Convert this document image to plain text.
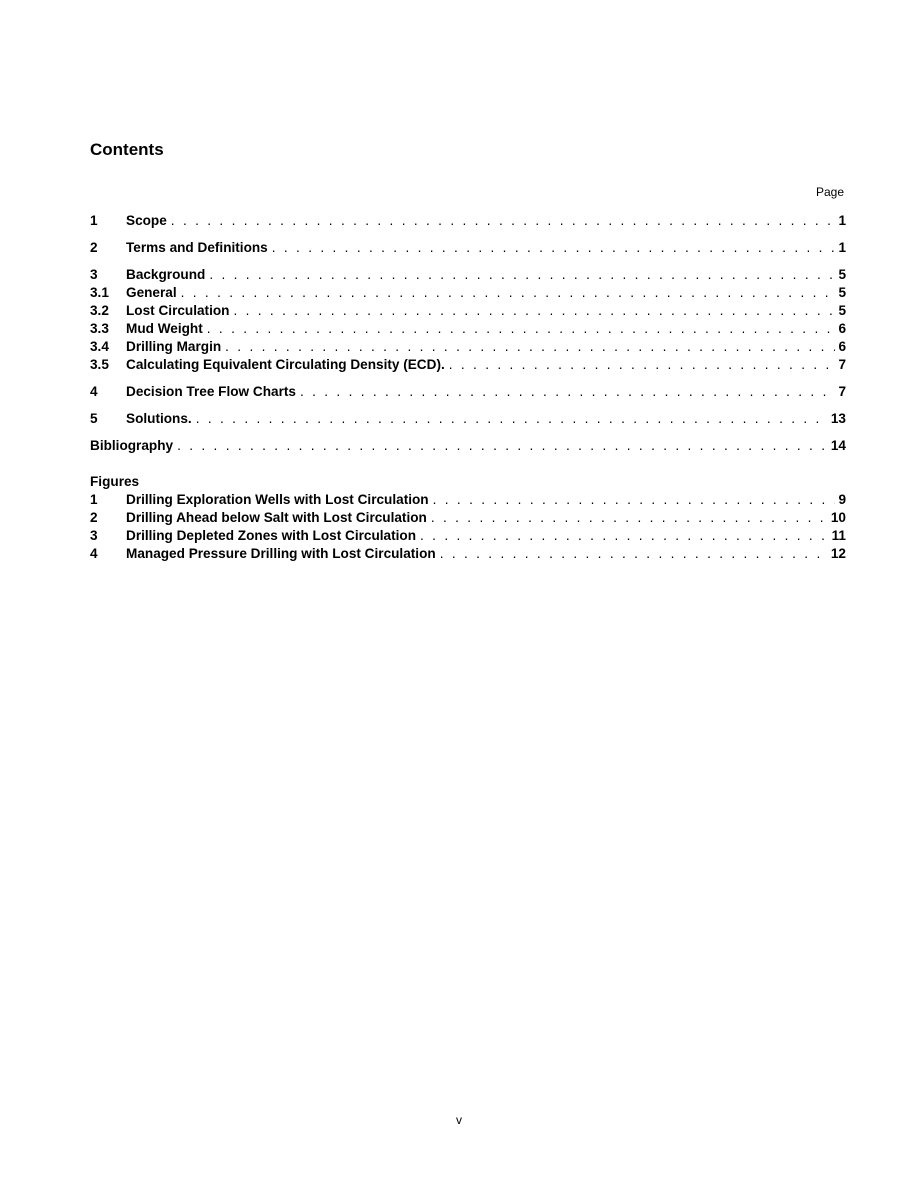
Contents
Page
1	Scope . . .	1
2	Terms and Definitions . . .	1
3	Background . . .	5
3.1	General . . .	5
3.2	Lost Circulation . . .	5
3.3	Mud Weight . . .	6
3.4	Drilling Margin . . .	6
3.5	Calculating Equivalent Circulating Density (ECD). . . .	7
4	Decision Tree Flow Charts . . .	7
5	Solutions. . . .	13
Bibliography . . .	14
Figures
1	Drilling Exploration Wells with Lost Circulation . . .	9
2	Drilling Ahead below Salt with Lost Circulation . . .	10
3	Drilling Depleted Zones with Lost Circulation . . .	11
4	Managed Pressure Drilling with Lost Circulation . . .	12
v
